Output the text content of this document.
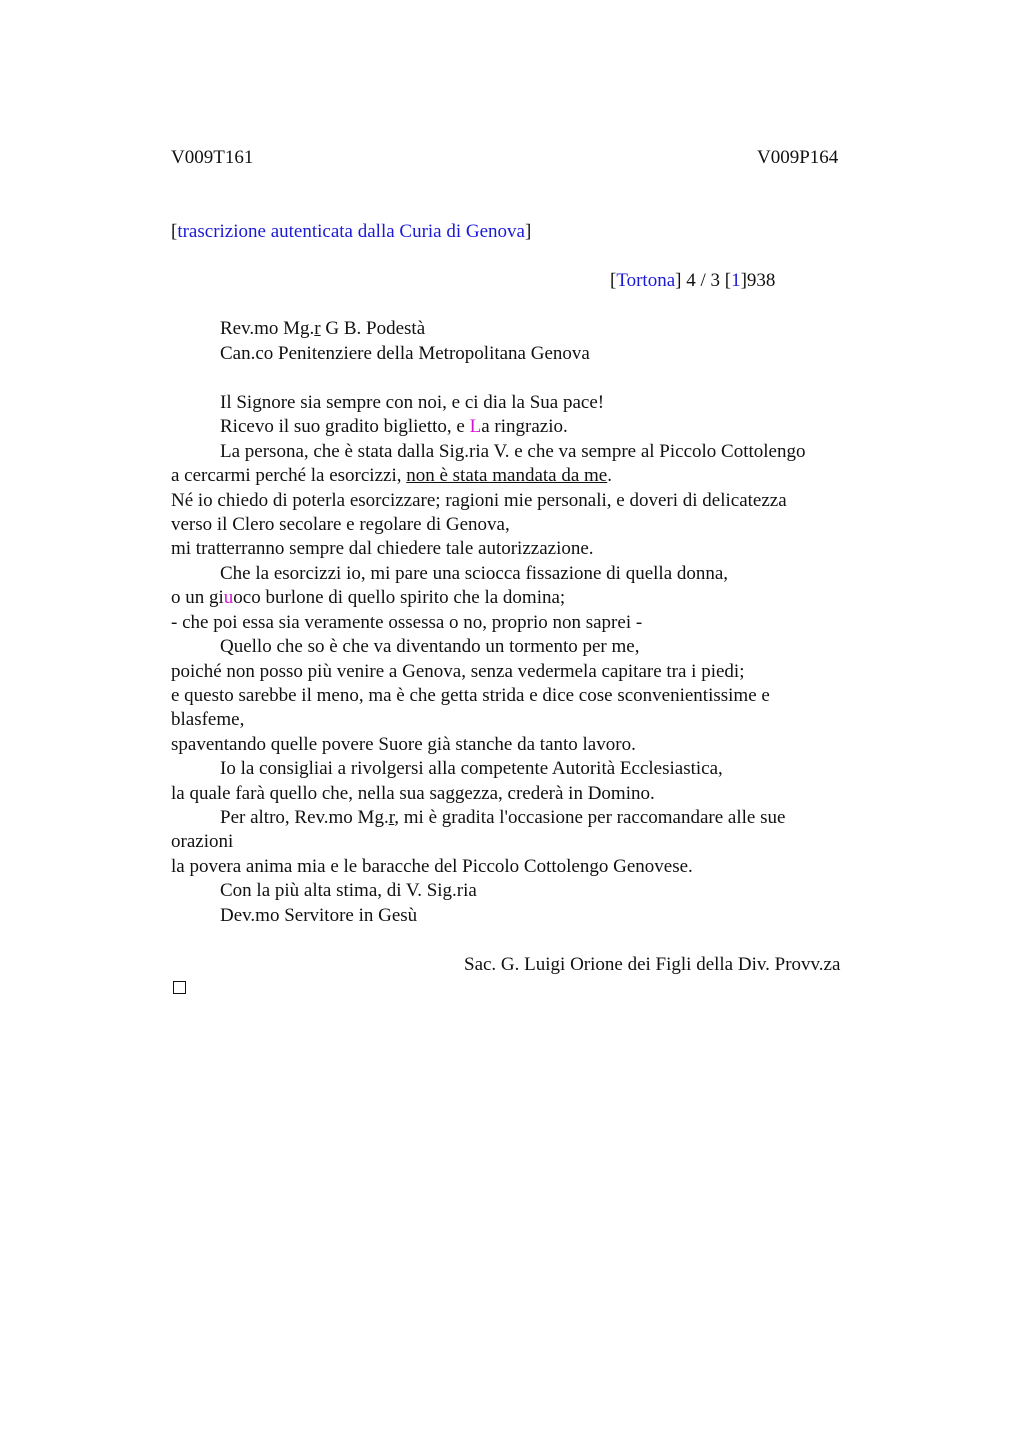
V009T161	V009P164
[trascrizione autenticata dalla Curia di Genova]
[Tortona] 4 / 3 [1]938
Rev.mo Mg.r G B. Podestà
Can.co Penitenziere della Metropolitana Genova
Il Signore sia sempre con noi, e ci dia la Sua pace!
Ricevo il suo gradito biglietto, e La ringrazio.
La persona, che è stata dalla Sig.ria V. e che va sempre al Piccolo Cottolengo
a cercarmi perché la esorcizzi, non è stata mandata da me.
Né io chiedo di poterla esorcizzare; ragioni mie personali, e doveri di delicatezza
verso il Clero secolare e regolare di Genova,
mi tratterranno sempre dal chiedere tale autorizzazione.
Che la esorcizzi io, mi pare una sciocca fissazione di quella donna,
o un giuoco burlone di quello spirito che la domina;
- che poi essa sia veramente ossessa o no, proprio non saprei -
Quello che so è che va diventando un tormento per me,
poiché non posso più venire a Genova, senza vedermela capitare tra i piedi;
e questo sarebbe il meno, ma è che getta strida e dice cose sconvenientissime e
blasfeme,
spaventando quelle povere Suore già stanche da tanto lavoro.
Io la consigliai a rivolgersi alla competente Autorità Ecclesiastica,
la quale farà quello che, nella sua saggezza, crederà in Domino.
Per altro, Rev.mo Mg.r, mi è gradita l'occasione per raccomandare alle sue
orazioni
la povera anima mia e le baracche del Piccolo Cottolengo Genovese.
Con la più alta stima, di V. Sig.ria
Dev.mo Servitore in Gesù
Sac. G. Luigi Orione dei Figli della Div. Provv.za
